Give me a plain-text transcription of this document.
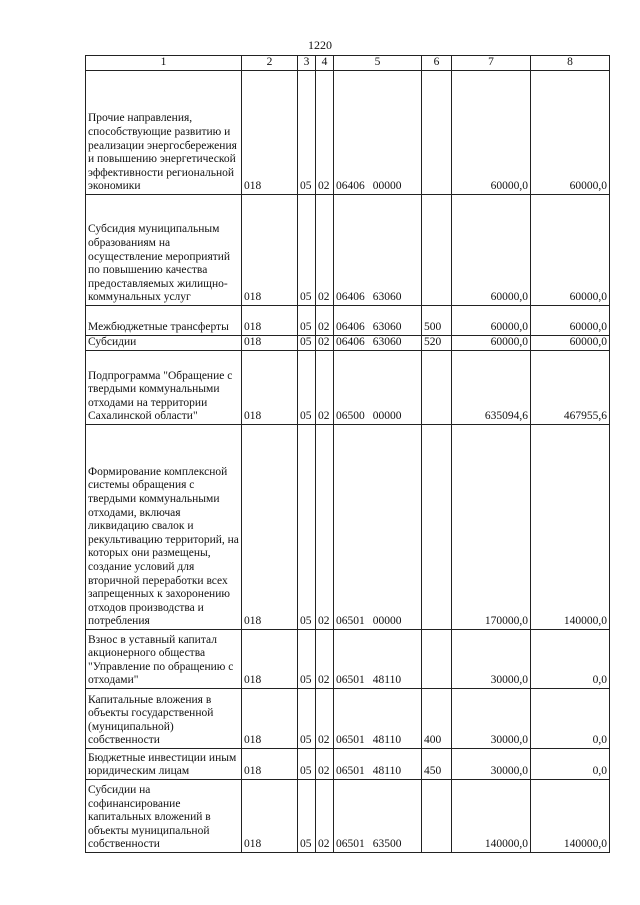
1220
1	2	3	4	5	6	7	8
Прочие направления, способствующие развитию и реализации энергосбережения и повышению энергетической эффективности региональной экономики	018	05	02	06406 00000		60000,0	60000,0
Субсидия муниципальным образованиям на осуществление мероприятий по повышению качества предоставляемых жилищно-коммунальных услуг	018	05	02	06406 63060		60000,0	60000,0
Межбюджетные трансферты	018	05	02	06406 63060	500	60000,0	60000,0
Субсидии	018	05	02	06406 63060	520	60000,0	60000,0
Подпрограмма "Обращение с твердыми коммунальными отходами на территории Сахалинской области"	018	05	02	06500 00000		635094,6	467955,6
Формирование комплексной системы обращения с твердыми коммунальными отходами, включая ликвидацию свалок и рекультивацию территорий, на которых они размещены, создание условий для вторичной переработки всех запрещенных к захоронению отходов производства и потребления	018	05	02	06501 00000		170000,0	140000,0
Взнос в уставный капитал акционерного общества "Управление по обращению с отходами"	018	05	02	06501 48110		30000,0	0,0
Капитальные вложения в объекты государственной (муниципальной) собственности	018	05	02	06501 48110	400	30000,0	0,0
Бюджетные инвестиции иным юридическим лицам	018	05	02	06501 48110	450	30000,0	0,0
Субсидии на софинансирование капитальных вложений в объекты муниципальной собственности	018	05	02	06501 63500		140000,0	140000,0
